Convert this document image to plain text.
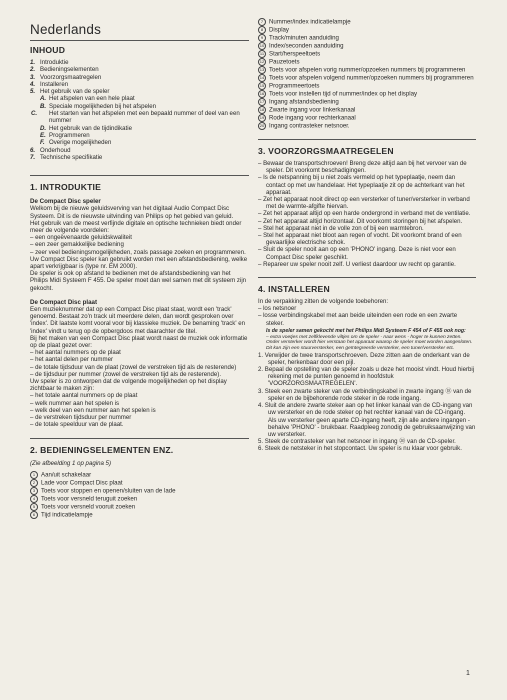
Nederlands
INHOUD
1. Introduktie
2. Bedieningselementen
3. Voorzorgsmaatregelen
4. Installeren
5. Het gebruik van de speler
A. Het afspelen van een hele plaat
B. Speciale mogelijkheden bij het afspelen
C. Het starten van het afspelen met een bepaald nummer of deel van een nummer
D. Het gebruik van de tijdindikatie
E. Programmeren
F. Overige mogelijkheden
6. Onderhoud
7. Technische specifikatie
1. INTRODUKTIE

De Compact Disc speler

Welkom bij de nieuwe geluidsverving van het digitaal Audio Compact Disc Systeem. Dit is de nieuwste uitvinding van Philips op het gebied van geluid.

Het gebruik van de meest verfijnde digitale en optische technieken biedt onder meer de volgende voordelen:

– een ongeëvenaarde geluidskwaliteit
– een zeer gemakkelijke bediening
– zeer veel bedieningsmogelijkheden, zoals passage zoeken en programmeren.

Uw Compact Disc speler kan gebruikt worden met een afstandsbediening, welke apart verkrijgbaar is (type nr. EM 2000).

De speler is ook op afstand te bedienen met de afstandsbediening van het Philips Midi Systeem F 455. De speler moet dan wel samen met dit systeem zijn gekocht.

De Compact Disc plaat

Een muzieknummer dat op een Compact Disc plaat staat, wordt een 'track' genoemd. Bestaat zo'n track uit meerdere delen, dan wordt gesproken over 'index'. Dit laatste komt vooral voor bij klassieke muziek. De benaming 'track' en 'index' vindt u terug op de opbergdoos met daarachter de titel.

Bij het maken van een Compact Disc plaat wordt naast de muziek ook informatie op de plaat gezet over:

– het aantal nummers op de plaat
– het aantal delen per nummer
– de totale tijdsduur van de plaat (zowel de verstreken tijd als de resterende)
– de tijdsduur per nummer (zowel de verstreken tijd als de resterende).

Uw speler is zo ontworpen dat de volgende mogelijkheden op het display zichtbaar te maken zijn:

– het totale aantal nummers op de plaat
– welk nummer aan het spelen is
– welk deel van een nummer aan het spelen is
– de verstreken tijdsduur per nummer
– de totale speelduur van de plaat.
2. BEDIENINGSELEMENTEN ENZ.
(Zie afbeelding 1 op pagina 5)
1 Aan/uit schakelaar
2 Lade voor Compact Disc plaat
3 Toets voor stoppen en openen/sluiten van de lade
4 Toets voor versneld teruguit zoeken
5 Toets voor versneld vooruit zoeken
6 Tijd indicatielampje
7 Nummer/index indicatielampje
8 Display
9 Track/minuten aanduiding
10 Index/seconden aanduiding
11 Start/herspeeltoets
12 Pauzetoets
13 Toets voor afspelen vorig nummer/opzoeken nummers bij programmeren
14 Toets voor afspelen volgend nummer/opzoeken nummers bij programmeren
15 Programmeertoets
16 Toets voor instellen tijd of nummer/index op het display
17 Ingang afstandsbediening
18 Zwarte ingang voor linkerkanaal
19 Rode ingang voor rechterkanaal
20 Ingang contrasteker netsnoer.
3. VOORZORGSMAATREGELEN
– Bewaar de transportschroeven! Breng deze altijd aan bij het vervoer van de speler. Dit voorkomt beschadigingen.
– Is de netspanning bij u niet zoals vermeld op het typeplaatje, neem dan contact op met uw handelaar. Het typeplaatje zit op de achterkant van het apparaat.
– Zet het apparaat nooit direct op een versterker of tuner/versterker in verband met de warmte-afgifte hiervan.
– Zet het apparaat altijd op een harde ondergrond in verband met de ventilatie.
– Zet het apparaat altijd horizontaal. Dit voorkomt storingen bij het afspelen.
– Stel het apparaat niet in de volle zon of bij een warmtebron.
– Stel het apparaat niet bloot aan regen of vocht. Dit voorkomt brand of een gevaarlijke electrische schok.
– Sluit de speler nooit aan op een 'PHONO' ingang. Deze is niet voor een Compact Disc speler geschikt.
– Repareer uw speler nooit zelf. U verliest daardoor uw recht op garantie.
4. INSTALLEREN

In de verpakking zitten de volgende toebehoren:

– los netsnoer
– losse verbindingskabel met aan beide uiteinden een rode en een zwarte steker.
Is de speler samen gekocht met het Philips Midi Systeem F 454 of F 455 ook nog:
– extra voetjes met zelfklevende viltjes om de speler - naar wens - hoger te kunnen zetten.
Onder versterker wordt hier verstaan het apparaat waarop de speler moet worden aangesloten. Dit kan zijn een stuurversterker, een geïntegreerde versterker, een tuner/versterker etc.
1. Verwijder de twee transportschroeven. Deze zitten aan de onderkant van de speler, herkenbaar door een pijl.
2. Bepaal de opstelling van de speler zoals u deze het mooist vindt. Houd hierbij rekening met de punten genoemd in hoofdstuk 'VOORZORGSMAATREGELEN'.
3. Steek een zwarte steker van de verbindingskabel in zwarte ingang ⑱ van de speler en de bijbehorende rode steker in de rode ingang.
4. Sluit de andere zwarte steker aan op het linker kanaal van de CD-ingang van uw versterker en de rode steker op het rechter kanaal van de CD-ingang.
Als uw versterker geen aparte CD-ingang heeft, zijn alle andere ingangen - behalve 'PHONO' - bruikbaar. Raadpleeg zonodig de gebruiksaanwijzing van uw versterker.
5. Steek de contrasteker van het netsnoer in ingang ⑳ van de CD-speler.
6. Steek de netsteker in het stopcontact. Uw speler is nu klaar voor gebruik.
1
